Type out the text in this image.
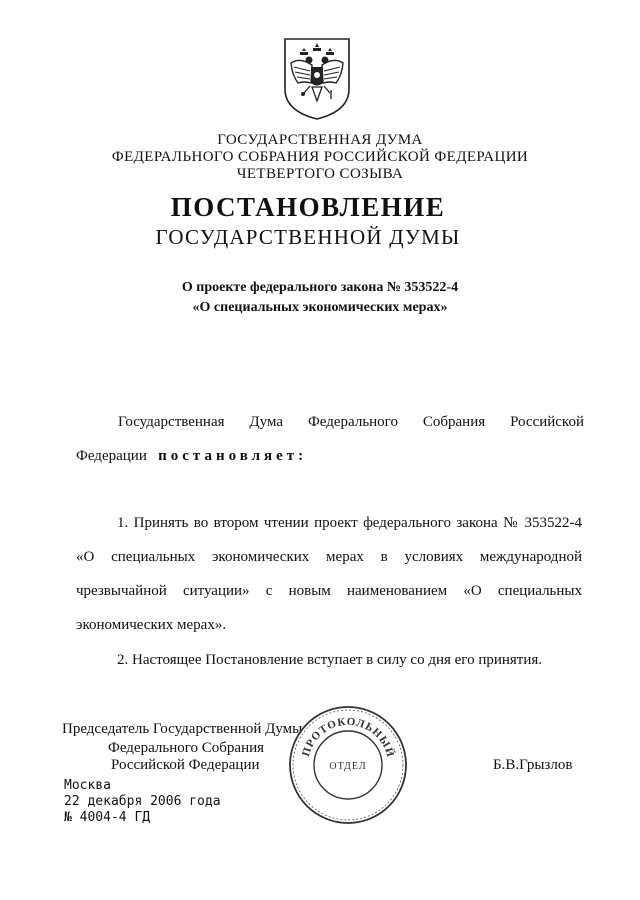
ГОСУДАРСТВЕННАЯ ДУМА
ФЕДЕРАЛЬНОГО СОБРАНИЯ РОССИЙСКОЙ ФЕДЕРАЦИИ
ЧЕТВЕРТОГО СОЗЫВА
ПОСТАНОВЛЕНИЕ
ГОСУДАРСТВЕННОЙ ДУМЫ
О проекте федерального закона № 353522-4
«О специальных экономических мерах»
Государственная Дума Федерального Собрания Российской
Федерации постановляет:
1. Принять во втором чтении проект федерального закона № 353522-4
«О специальных экономических мерах в условиях международной
чрезвычайной ситуации» с новым наименованием «О специальных
экономических мерах».
2. Настоящее Постановление вступает в силу со дня его принятия.
Председатель Государственной Думы
Федерального Собрания
Российской Федерации	Б.В.Грызлов
ПРОТОКОЛЬНЫЙ
ОТДЕЛ
Москва
22 декабря 2006 года
№ 4004-4 ГД
